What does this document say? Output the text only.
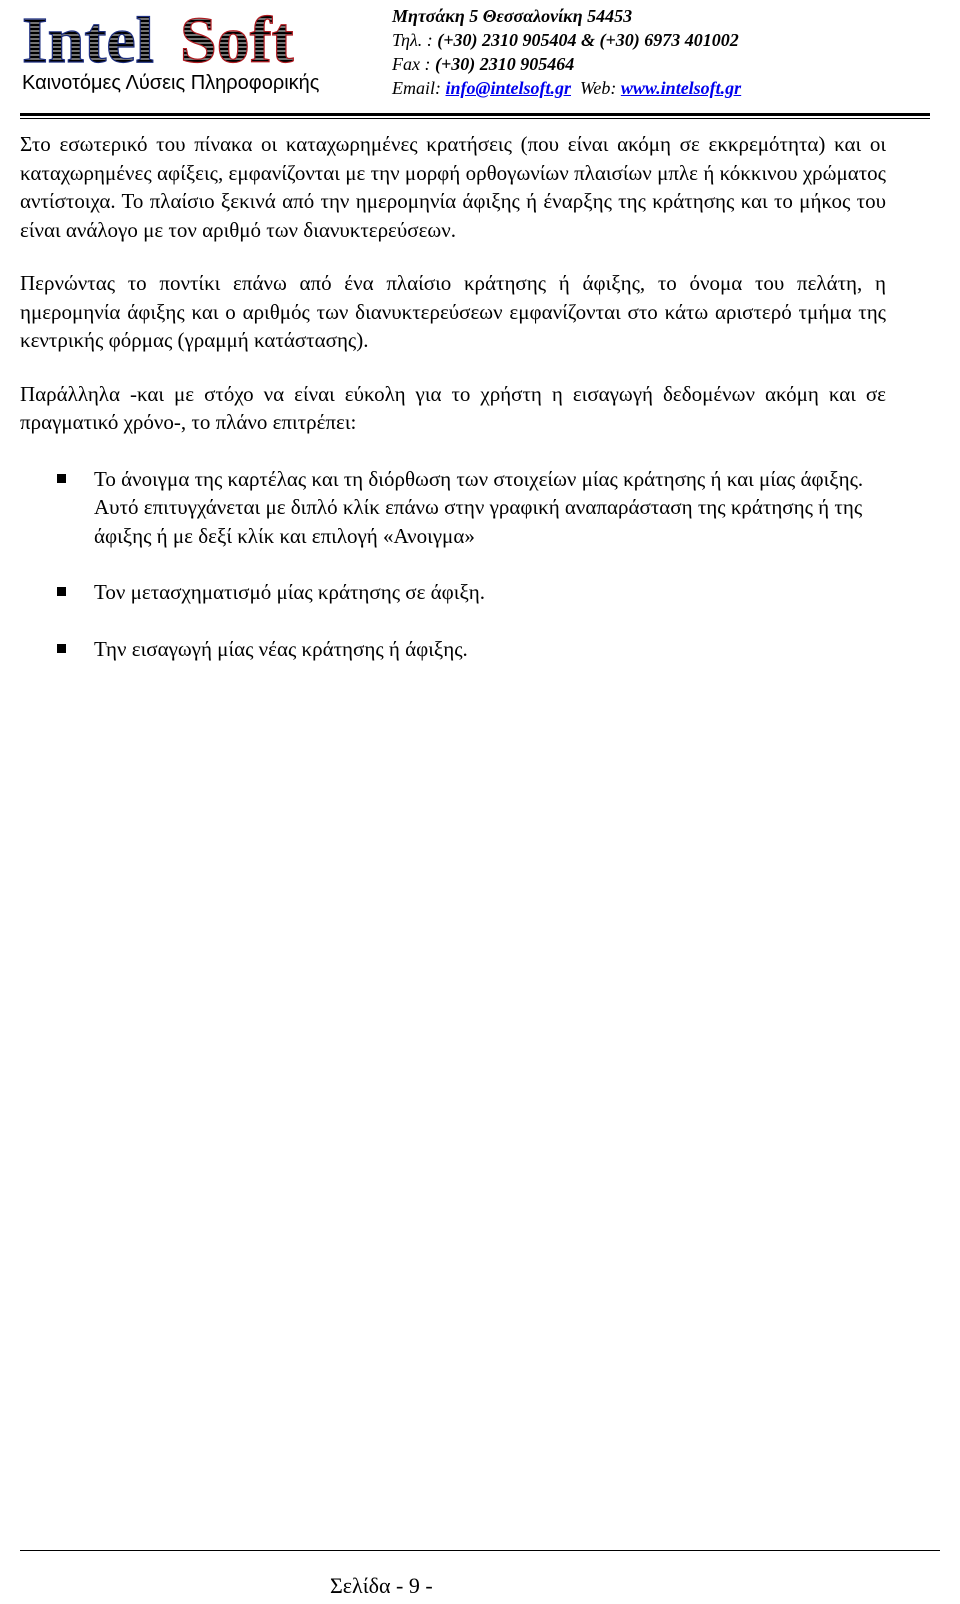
Intel Soft
Καινοτόμες Λύσεις Πληροφορικής
Μητσάκη 5 Θεσσαλονίκη 54453
Τηλ. : (+30) 2310 905404 & (+30) 6973 401002
Fax : (+30) 2310 905464
Email: info@intelsoft.gr Web: www.intelsoft.gr

Στο εσωτερικό του πίνακα οι καταχωρημένες κρατήσεις (που είναι ακόμη σε εκκρεμότητα) και οι καταχωρημένες αφίξεις, εμφανίζονται με την μορφή ορθογωνίων πλαισίων μπλε ή κόκκινου χρώματος αντίστοιχα. Το πλαίσιο ξεκινά από την ημερομηνία άφιξης ή έναρξης της κράτησης και το μήκος του είναι ανάλογο με τον αριθμό των διανυκτερεύσεων.

Περνώντας το ποντίκι επάνω από ένα πλαίσιο κράτησης ή άφιξης, το όνομα του πελάτη, η ημερομηνία άφιξης και ο αριθμός των διανυκτερεύσεων εμφανίζονται στο κάτω αριστερό τμήμα της κεντρικής φόρμας (γραμμή κατάστασης).

Παράλληλα -και με στόχο να είναι εύκολη για το χρήστη η εισαγωγή δεδομένων ακόμη και σε πραγματικό χρόνο-, το πλάνο επιτρέπει:

Το άνοιγμα της καρτέλας και τη διόρθωση των στοιχείων μίας κράτησης ή και μίας άφιξης. Αυτό επιτυγχάνεται με διπλό κλίκ επάνω στην γραφική αναπαράσταση της κράτησης ή της άφιξης ή με δεξί κλίκ και επιλογή «Ανοιγμα»
Τον μετασχηματισμό μίας κράτησης σε άφιξη.
Την εισαγωγή μίας νέας κράτησης ή άφιξης.
Σελίδα - 9 -
